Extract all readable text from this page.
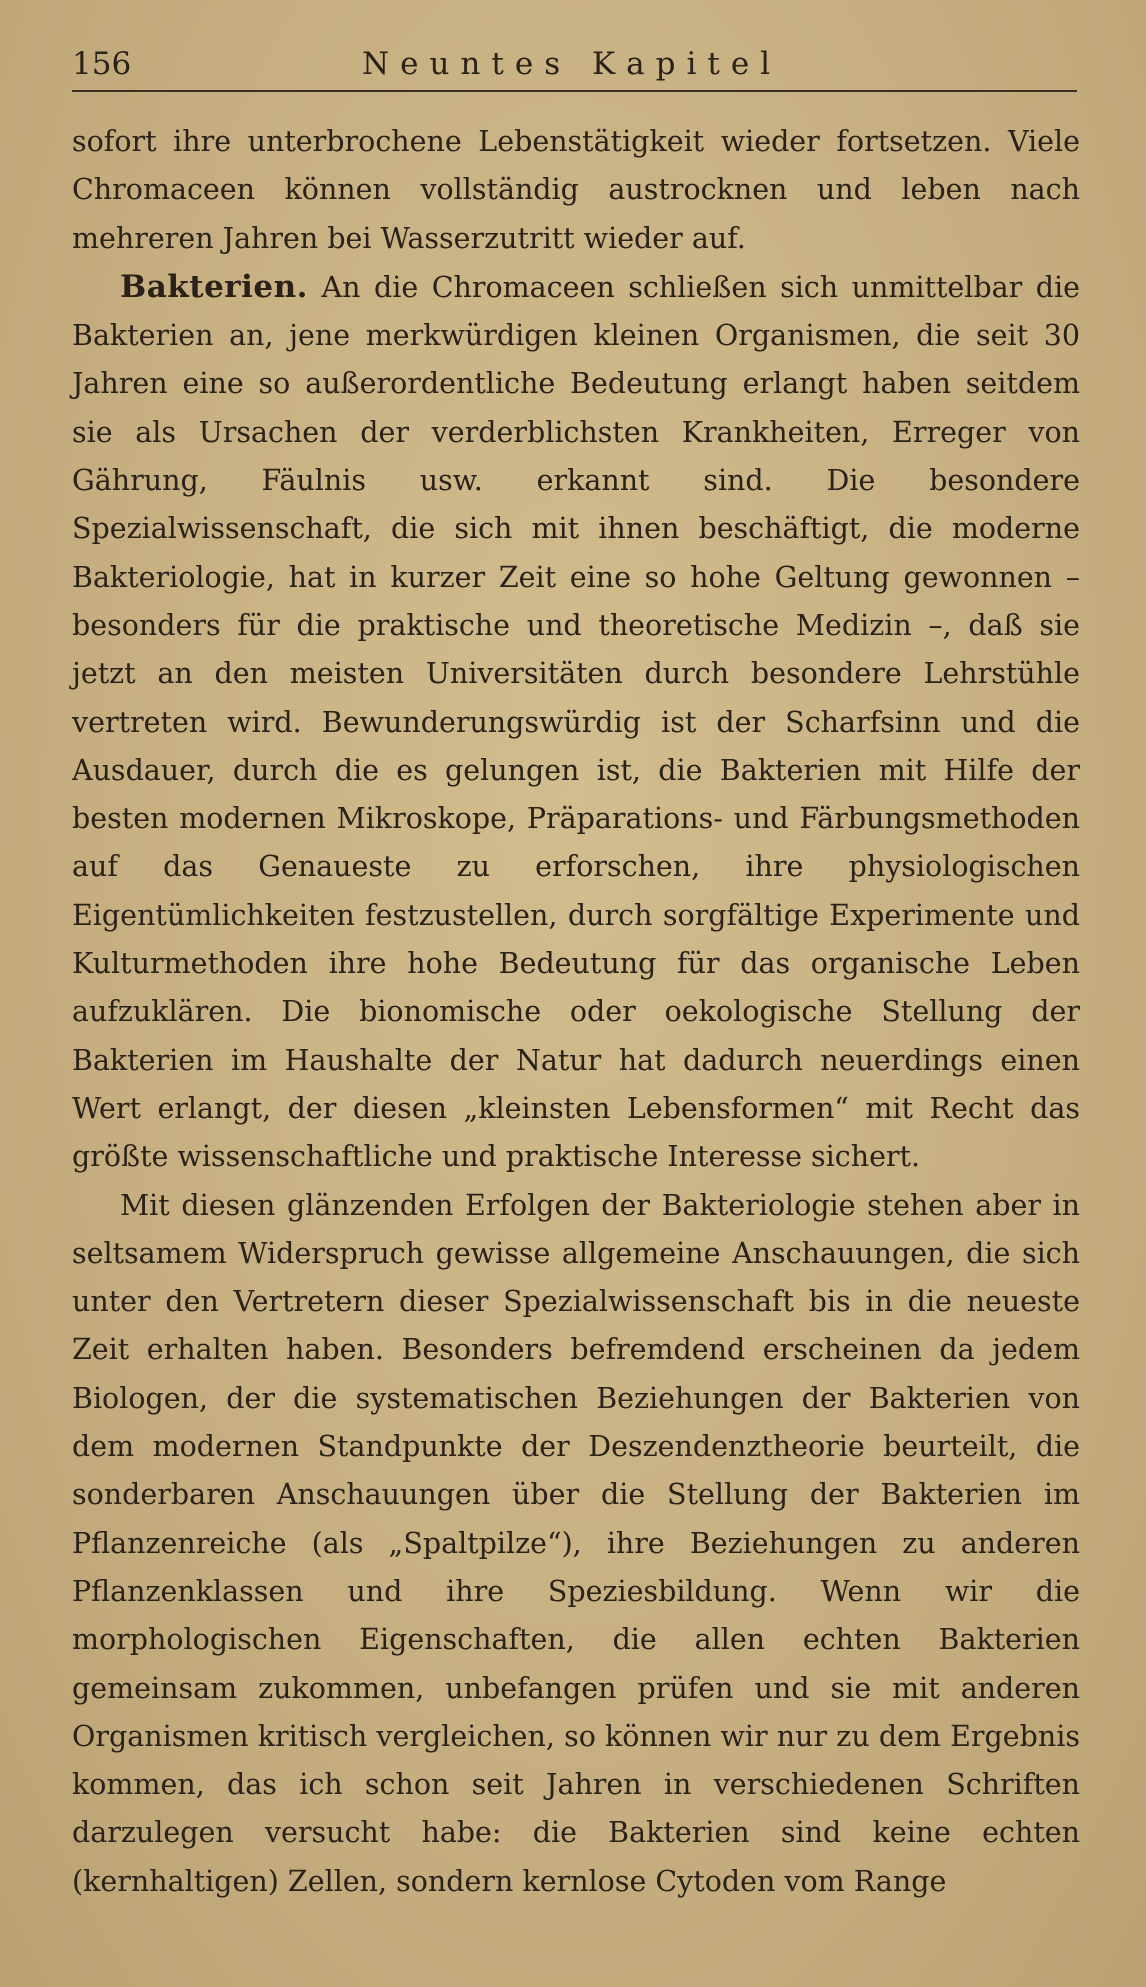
156	Neuntes Kapitel

sofort ihre unterbrochene Lebenstätigkeit wieder fortsetzen. Viele Chromaceen können vollständig austrocknen und leben nach mehreren Jahren bei Wasserzutritt wieder auf.

Bakterien. An die Chromaceen schließen sich unmittelbar die Bakterien an, jene merkwürdigen kleinen Organismen, die seit 30 Jahren eine so außerordentliche Bedeutung erlangt haben seitdem sie als Ursachen der verderblichsten Krankheiten, Erreger von Gährung, Fäulnis usw. erkannt sind. Die besondere Spezialwissenschaft, die sich mit ihnen beschäftigt, die moderne Bakteriologie, hat in kurzer Zeit eine so hohe Geltung gewonnen – besonders für die praktische und theoretische Medizin –, daß sie jetzt an den meisten Universitäten durch besondere Lehrstühle vertreten wird. Bewunderungswürdig ist der Scharfsinn und die Ausdauer, durch die es gelungen ist, die Bakterien mit Hilfe der besten modernen Mikroskope, Präparations- und Färbungsmethoden auf das Genaueste zu erforschen, ihre physiologischen Eigentümlichkeiten festzustellen, durch sorgfältige Experimente und Kulturmethoden ihre hohe Bedeutung für das organische Leben aufzuklären. Die bionomische oder oekologische Stellung der Bakterien im Haushalte der Natur hat dadurch neuerdings einen Wert erlangt, der diesen „kleinsten Lebensformen“ mit Recht das größte wissenschaftliche und praktische Interesse sichert.

Mit diesen glänzenden Erfolgen der Bakteriologie stehen aber in seltsamem Widerspruch gewisse allgemeine Anschauungen, die sich unter den Vertretern dieser Spezialwissenschaft bis in die neueste Zeit erhalten haben. Besonders befremdend erscheinen da jedem Biologen, der die systematischen Beziehungen der Bakterien von dem modernen Standpunkte der Deszendenztheorie beurteilt, die sonderbaren Anschauungen über die Stellung der Bakterien im Pflanzenreiche (als „Spaltpilze“), ihre Beziehungen zu anderen Pflanzenklassen und ihre Speziesbildung. Wenn wir die morphologischen Eigenschaften, die allen echten Bakterien gemeinsam zukommen, unbefangen prüfen und sie mit anderen Organismen kritisch vergleichen, so können wir nur zu dem Ergebnis kommen, das ich schon seit Jahren in verschiedenen Schriften darzulegen versucht habe: die Bakterien sind keine echten (kernhaltigen) Zellen, sondern kernlose Cytoden vom Range
